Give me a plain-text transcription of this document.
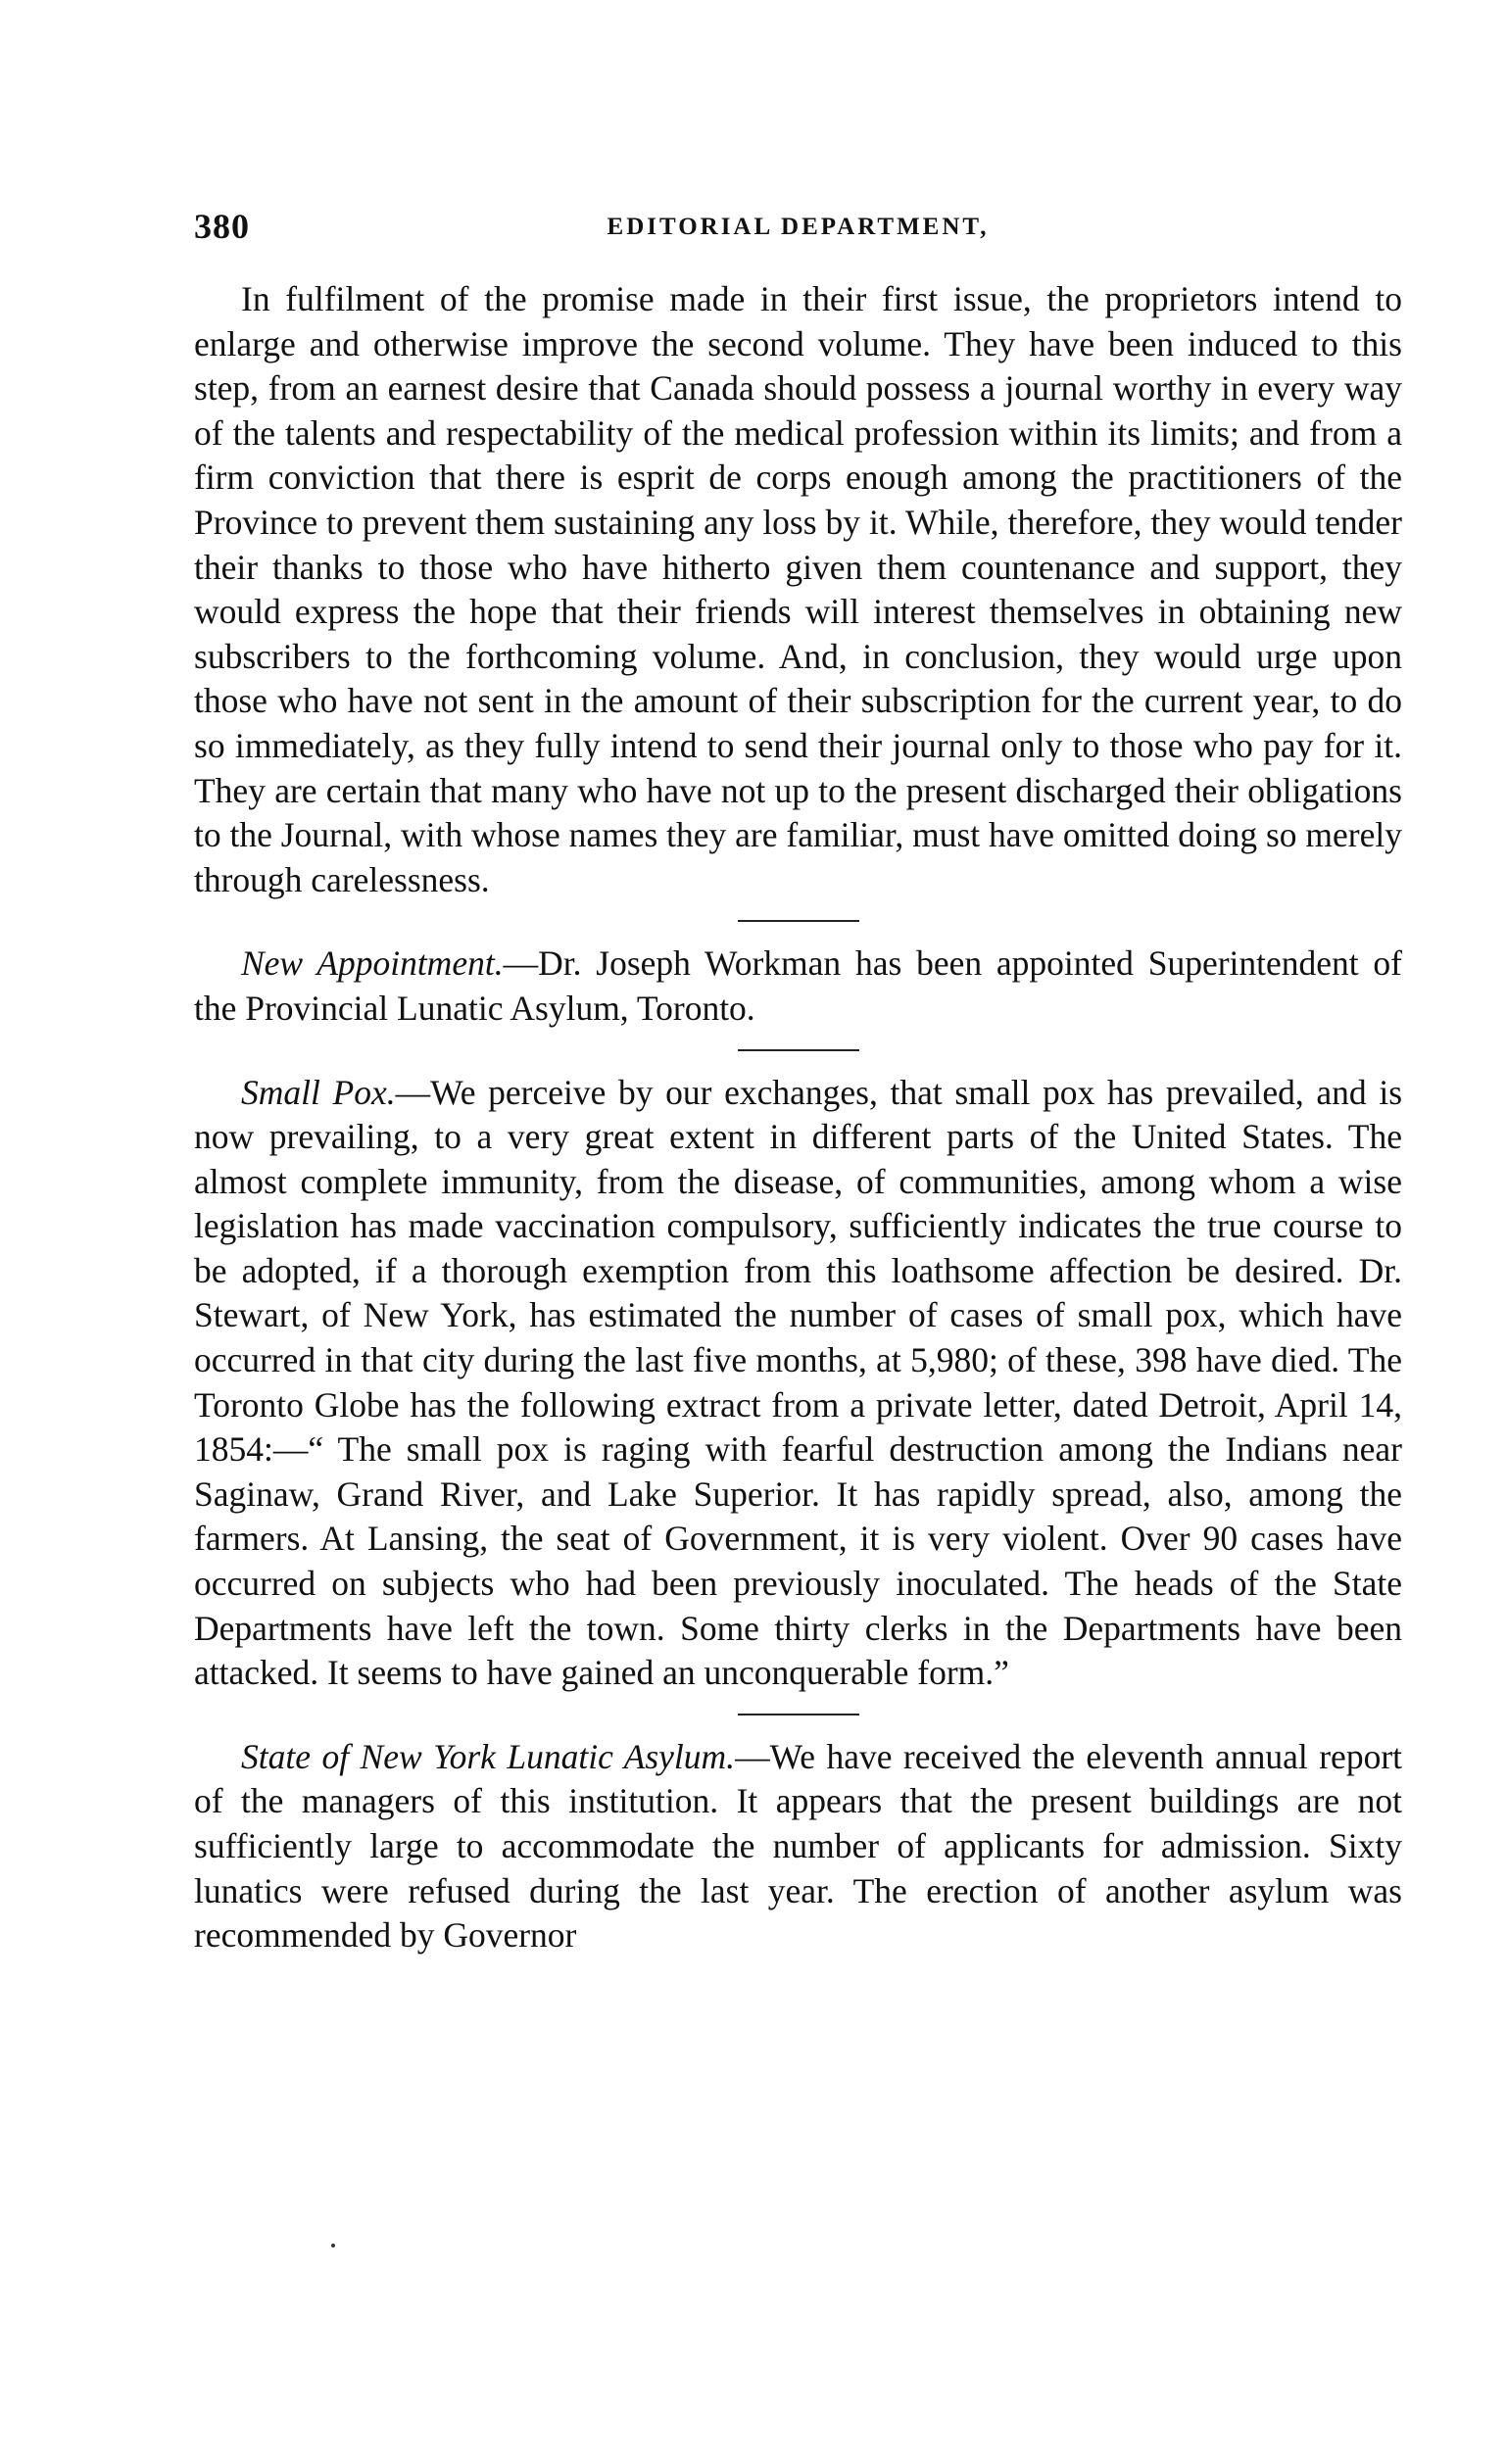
380	EDITORIAL DEPARTMENT,

In fulfilment of the promise made in their first issue, the proprietors intend to enlarge and otherwise improve the second volume. They have been induced to this step, from an earnest desire that Canada should possess a journal worthy in every way of the talents and respectability of the medical profession within its limits; and from a firm conviction that there is esprit de corps enough among the practitioners of the Province to prevent them sustaining any loss by it. While, therefore, they would tender their thanks to those who have hitherto given them countenance and support, they would express the hope that their friends will interest themselves in obtaining new subscribers to the forthcoming volume. And, in conclusion, they would urge upon those who have not sent in the amount of their subscription for the current year, to do so immediately, as they fully intend to send their journal only to those who pay for it. They are certain that many who have not up to the present discharged their obligations to the Journal, with whose names they are familiar, must have omitted doing so merely through carelessness.

New Appointment.—Dr. Joseph Workman has been appointed Superintendent of the Provincial Lunatic Asylum, Toronto.

Small Pox.—We perceive by our exchanges, that small pox has prevailed, and is now prevailing, to a very great extent in different parts of the United States. The almost complete immunity, from the disease, of communities, among whom a wise legislation has made vaccination compulsory, sufficiently indicates the true course to be adopted, if a thorough exemption from this loathsome affection be desired. Dr. Stewart, of New York, has estimated the number of cases of small pox, which have occurred in that city during the last five months, at 5,980; of these, 398 have died. The Toronto Globe has the following extract from a private letter, dated Detroit, April 14, 1854:—“ The small pox is raging with fearful destruction among the Indians near Saginaw, Grand River, and Lake Superior. It has rapidly spread, also, among the farmers. At Lansing, the seat of Government, it is very violent. Over 90 cases have occurred on subjects who had been previously inoculated. The heads of the State Departments have left the town. Some thirty clerks in the Departments have been attacked. It seems to have gained an unconquerable form.”

State of New York Lunatic Asylum.—We have received the eleventh annual report of the managers of this institution. It appears that the present buildings are not sufficiently large to accommodate the number of applicants for admission. Sixty lunatics were refused during the last year. The erection of another asylum was recommended by Governor
